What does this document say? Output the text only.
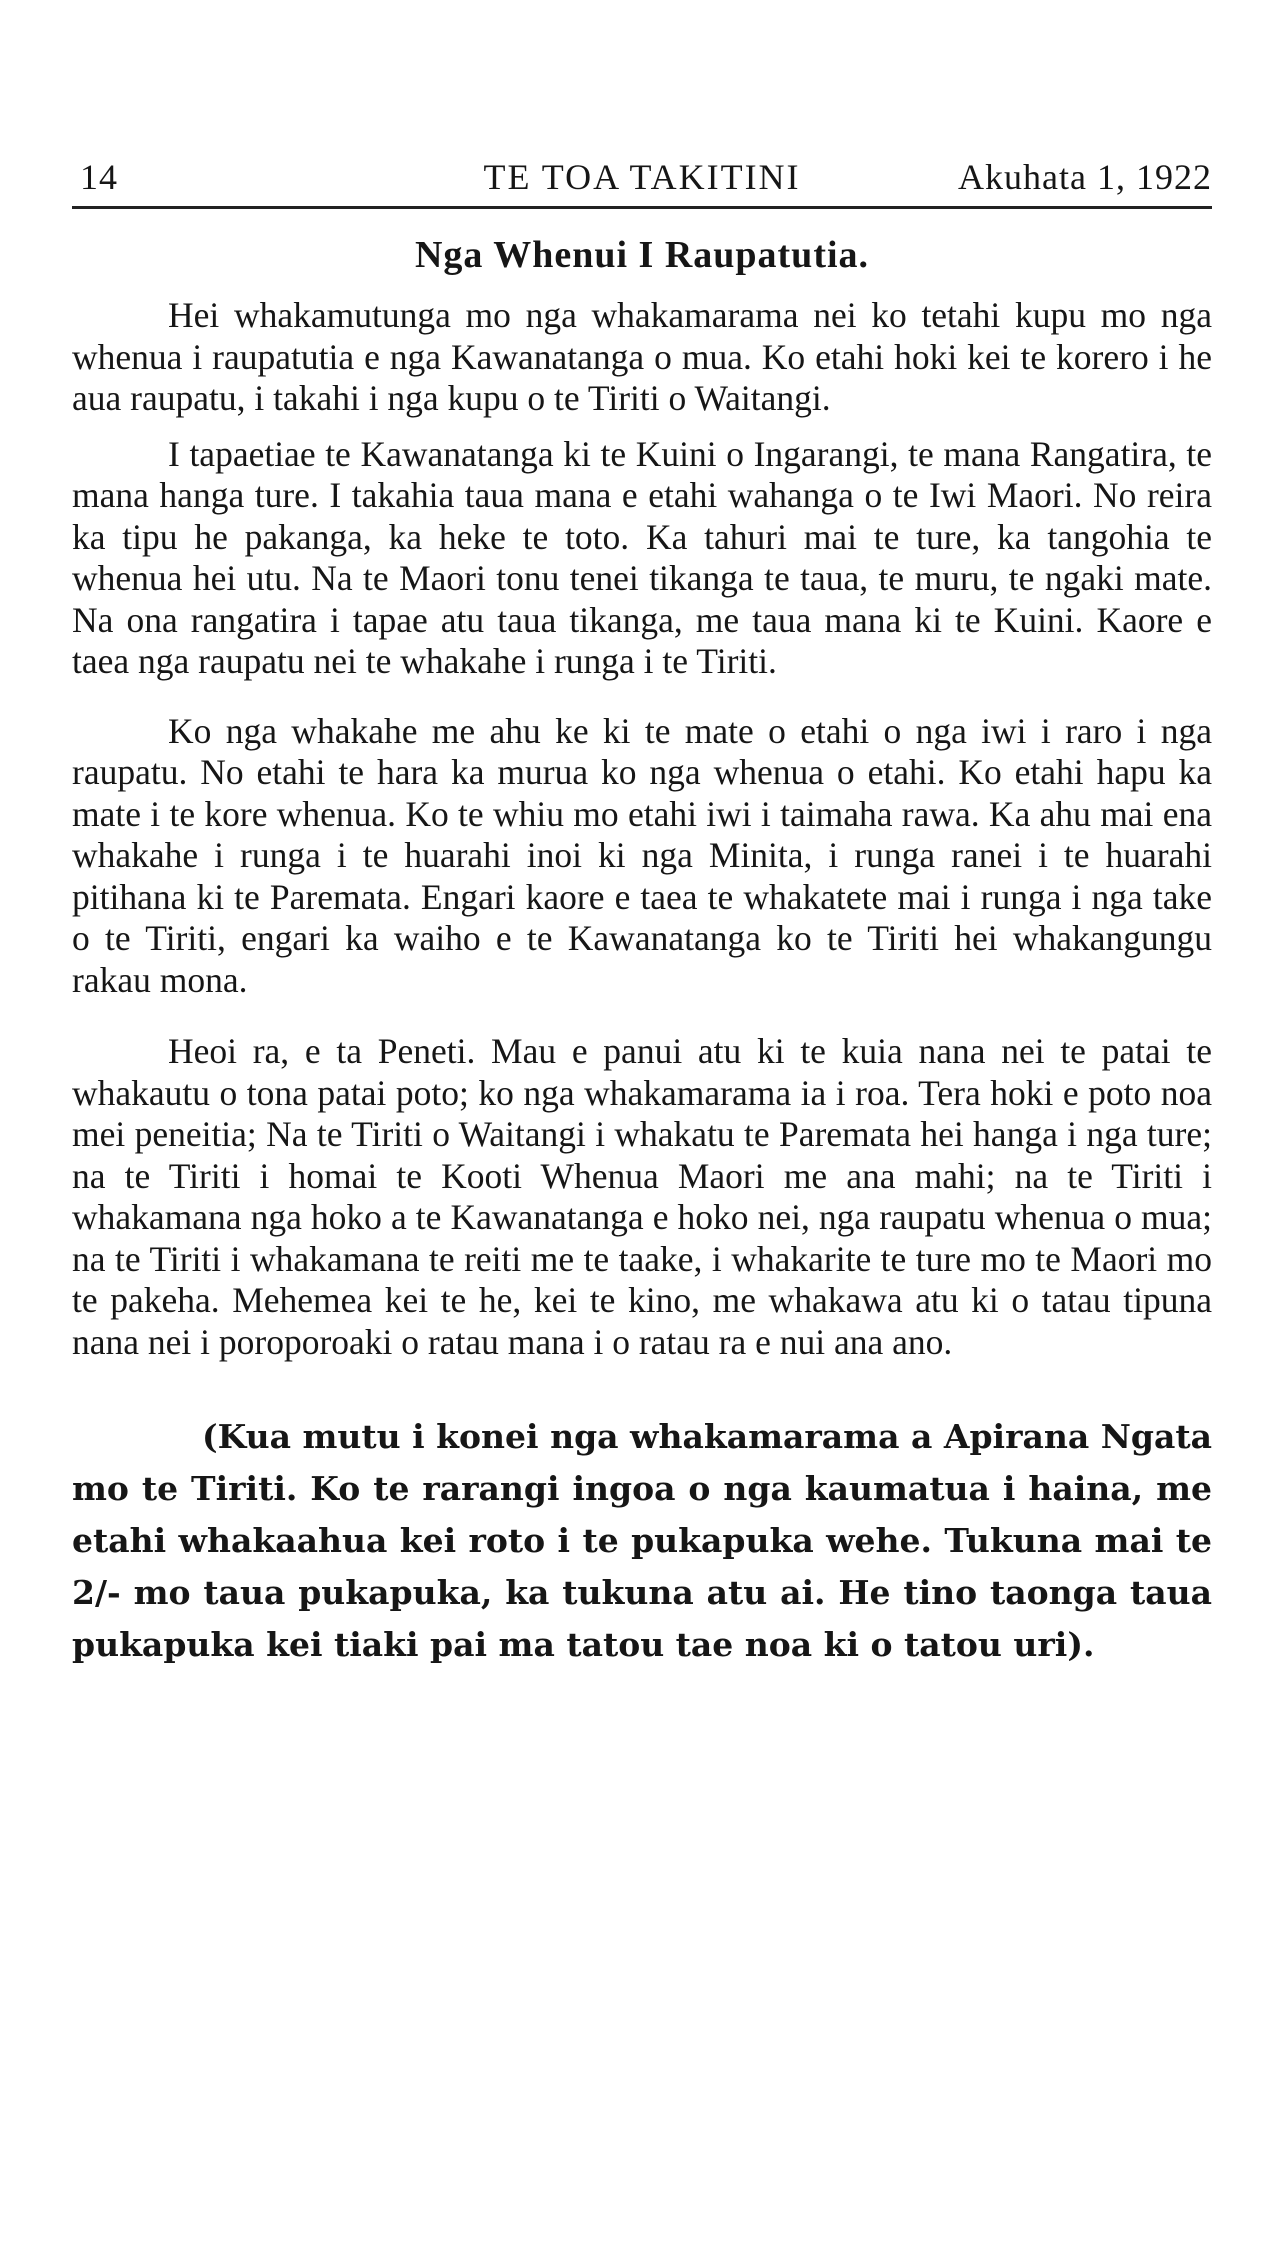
14	TE TOA TAKITINI	Akuhata 1, 1922
Nga Whenui I Raupatutia.

Hei whakamutunga mo nga whakamarama nei ko tetahi kupu mo nga whenua i raupatutia e nga Kawanatanga o mua. Ko etahi hoki kei te korero i he aua raupatu, i takahi i nga kupu o te Tiriti o Waitangi.

I tapaetiae te Kawanatanga ki te Kuini o Ingarangi, te mana Rangatira, te mana hanga ture. I takahia taua mana e etahi wahanga o te Iwi Maori. No reira ka tipu he pakanga, ka heke te toto. Ka tahuri mai te ture, ka tangohia te whenua hei utu. Na te Maori tonu tenei tikanga te taua, te muru, te ngaki mate. Na ona rangatira i tapae atu taua tikanga, me taua mana ki te Kuini. Kaore e taea nga raupatu nei te whakahe i runga i te Tiriti.

Ko nga whakahe me ahu ke ki te mate o etahi o nga iwi i raro i nga raupatu. No etahi te hara ka murua ko nga whenua o etahi. Ko etahi hapu ka mate i te kore whenua. Ko te whiu mo etahi iwi i taimaha rawa. Ka ahu mai ena whakahe i runga i te huarahi inoi ki nga Minita, i runga ranei i te huarahi pitihana ki te Paremata. Engari kaore e taea te whakatete mai i runga i nga take o te Tiriti, engari ka waiho e te Kawanatanga ko te Tiriti hei whakangungu rakau mona.

Heoi ra, e ta Peneti. Mau e panui atu ki te kuia nana nei te patai te whakautu o tona patai poto; ko nga whakamarama ia i roa. Tera hoki e poto noa mei peneitia; Na te Tiriti o Waitangi i whakatu te Paremata hei hanga i nga ture; na te Tiriti i homai te Kooti Whenua Maori me ana mahi; na te Tiriti i whakamana nga hoko a te Kawanatanga e hoko nei, nga raupatu whenua o mua; na te Tiriti i whakamana te reiti me te taake, i whakarite te ture mo te Maori mo te pakeha. Mehemea kei te he, kei te kino, me whakawa atu ki o tatau tipuna nana nei i poroporoaki o ratau mana i o ratau ra e nui ana ano.

(Kua mutu i konei nga whakamarama a Apirana Ngata mo te Tiriti. Ko te rarangi ingoa o nga kaumatua i haina, me etahi whakaahua kei roto i te pukapuka wehe. Tukuna mai te 2/- mo taua pukapuka, ka tukuna atu ai. He tino taonga taua pukapuka kei tiaki pai ma tatou tae noa ki o tatou uri).
